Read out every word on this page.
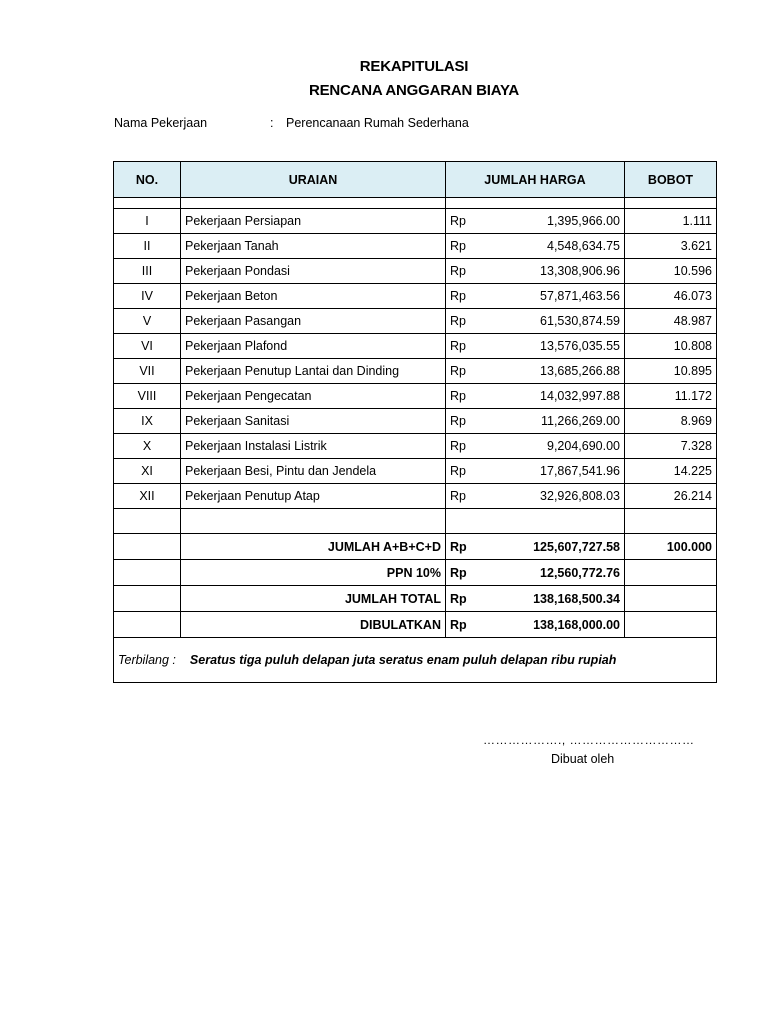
REKAPITULASI
RENCANA ANGGARAN BIAYA
Nama Pekerjaan	: Perencanaan Rumah Sederhana
NO.	URAIAN	JUMLAH HARGA		BOBOT

I	Pekerjaan Persiapan	Rp	1,395,966.00	1.111
II	Pekerjaan Tanah	Rp	4,548,634.75	3.621
III	Pekerjaan Pondasi	Rp	13,308,906.96	10.596
IV	Pekerjaan Beton	Rp	57,871,463.56	46.073
V	Pekerjaan Pasangan	Rp	61,530,874.59	48.987
VI	Pekerjaan Plafond	Rp	13,576,035.55	10.808
VII	Pekerjaan Penutup Lantai dan Dinding	Rp	13,685,266.88	10.895
VIII	Pekerjaan Pengecatan	Rp	14,032,997.88	11.172
IX	Pekerjaan Sanitasi	Rp	11,266,269.00	8.969
X	Pekerjaan Instalasi Listrik	Rp	9,204,690.00	7.328
XI	Pekerjaan Besi, Pintu dan Jendela	Rp	17,867,541.96	14.225
XII	Pekerjaan Penutup Atap	Rp	32,926,808.03	26.214

	JUMLAH A+B+C+D	Rp	125,607,727.58	100.000
	PPN 10%	Rp	12,560,772.76	
	JUMLAH TOTAL	Rp	138,168,500.34	
	DIBULATKAN	Rp	138,168,000.00	
Terbilang : Seratus tiga puluh delapan juta seratus enam puluh delapan ribu rupiah				
………………., …………………………
Dibuat oleh
